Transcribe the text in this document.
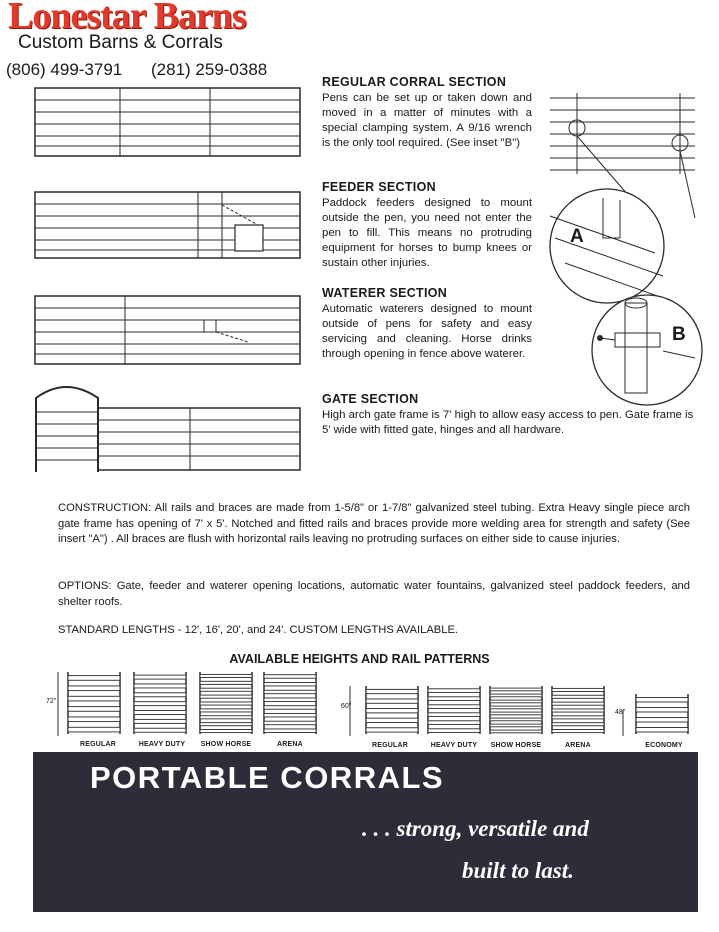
Lonestar Barns
Custom Barns & Corrals
(806) 499-3791 (281) 259-0388
A
B
REGULAR CORRAL SECTION
Pens can be set up or taken down and moved in a matter of minutes with a special clamping system. A 9/16 wrench is the only tool required. (See inset "B")
FEEDER SECTION
Paddock feeders designed to mount outside the pen, you need not enter the pen to fill. This means no protruding equipment for horses to bump knees or sustain other injuries.
WATERER SECTION
Automatic waterers designed to mount outside of pens for safety and easy servicing and cleaning. Horse drinks through opening in fence above waterer.
GATE SECTION
High arch gate frame is 7' high to allow easy access to pen. Gate frame is 5' wide with fitted gate, hinges and all hardware.
CONSTRUCTION: All rails and braces are made from 1-5/8" or 1-7/8" galvanized steel tubing. Extra Heavy single piece arch gate frame has opening of 7' x 5'. Notched and fitted rails and braces provide more welding area for strength and safety (See insert "A") . All braces are flush with horizontal rails leaving no protruding surfaces on either side to cause injuries.
OPTIONS: Gate, feeder and waterer opening locations, automatic water fountains, galvanized steel paddock feeders, and shelter roofs.
STANDARD LENGTHS - 12', 16', 20', and 24'. CUSTOM LENGTHS AVAILABLE.
AVAILABLE HEIGHTS AND RAIL PATTERNS
72"
60"
48"
REGULAR	HEAVY DUTY	SHOW HORSE	ARENA	REGULAR	HEAVY DUTY	SHOW HORSE	ARENA	ECONOMY
PORTABLE CORRALS
. . . strong, versatile and
built to last.
